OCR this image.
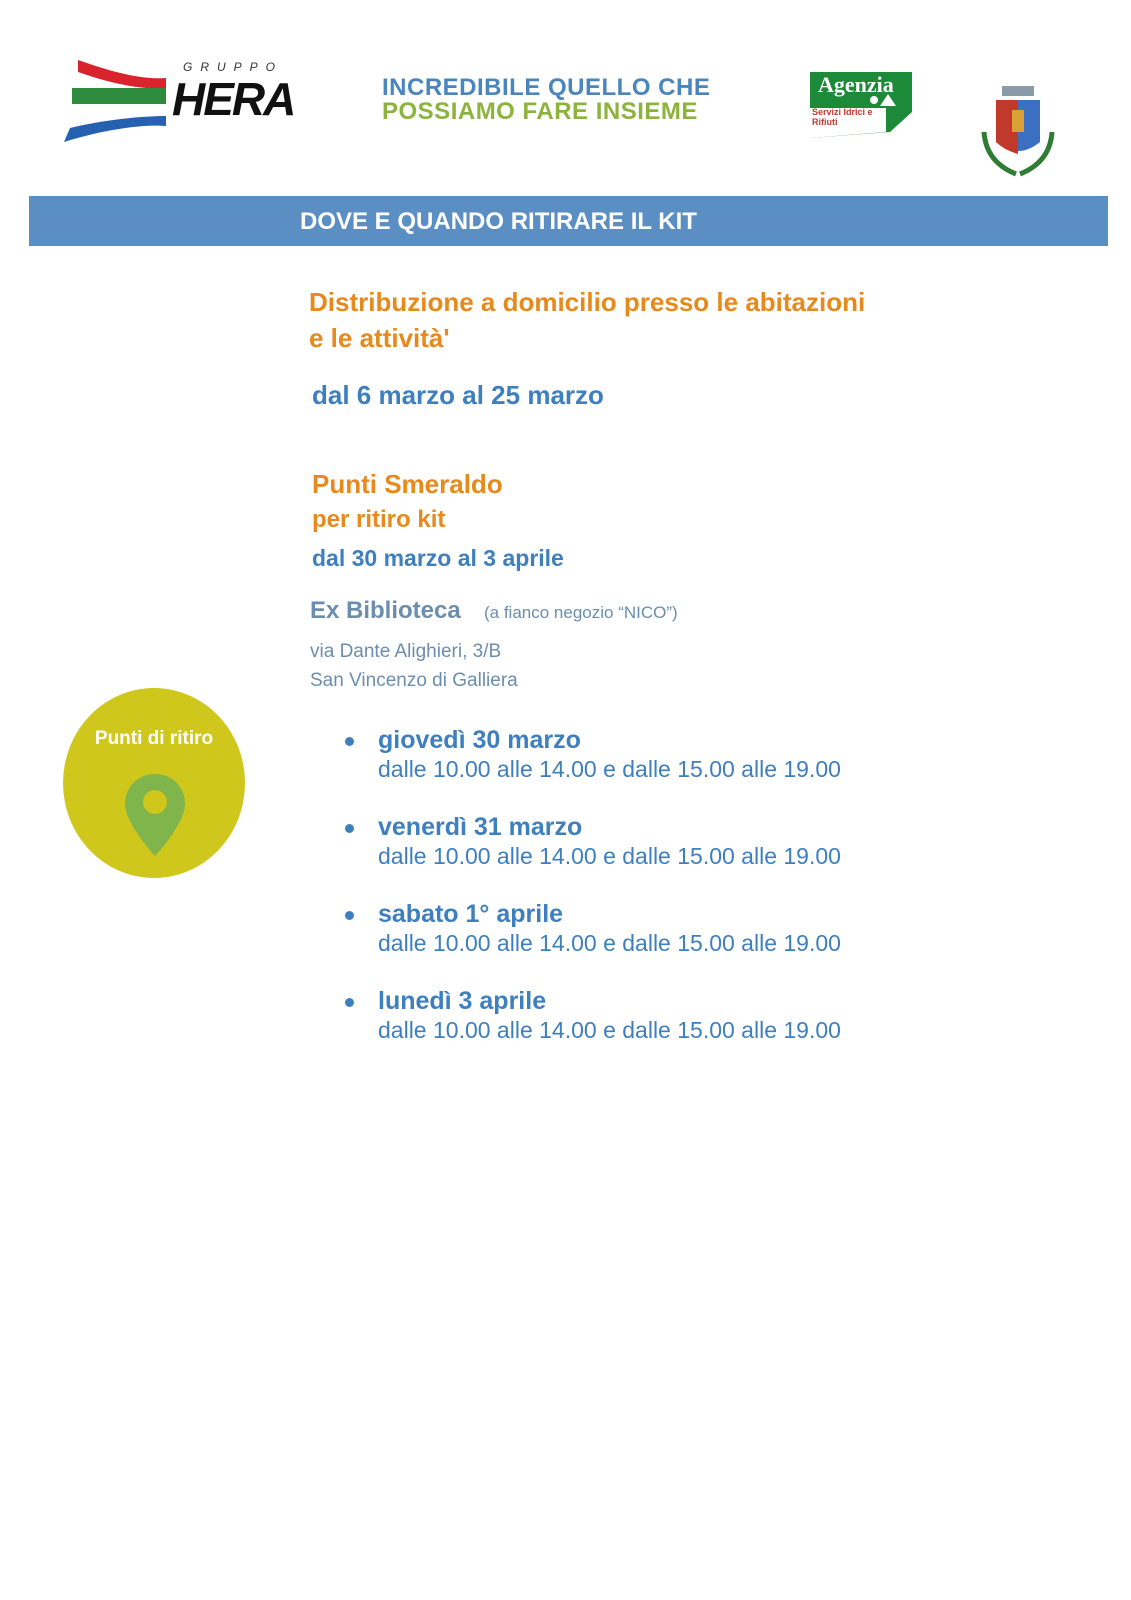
GRUPPO
HERA	INCREDIBILE QUELLO CHE
POSSIAMO FARE INSIEME
Agenzia
Servizi Idrici e Rifiuti
DOVE E QUANDO RITIRARE IL KIT
Distribuzione a domicilio presso le abitazioni
e le attività'
dal 6 marzo al 25 marzo
Punti Smeraldo
per ritiro kit
dal 30 marzo al 3 aprile
Ex Biblioteca (a fianco negozio “NICO”)
via Dante Alighieri, 3/B
San Vincenzo di Galliera
Punti di ritiro	giovedì 30 marzo
dalle 10.00 alle 14.00 e dalle 15.00 alle 19.00
venerdì 31 marzo
dalle 10.00 alle 14.00 e dalle 15.00 alle 19.00
sabato 1° aprile
dalle 10.00 alle 14.00 e dalle 15.00 alle 19.00
lunedì 3 aprile
dalle 10.00 alle 14.00 e dalle 15.00 alle 19.00
